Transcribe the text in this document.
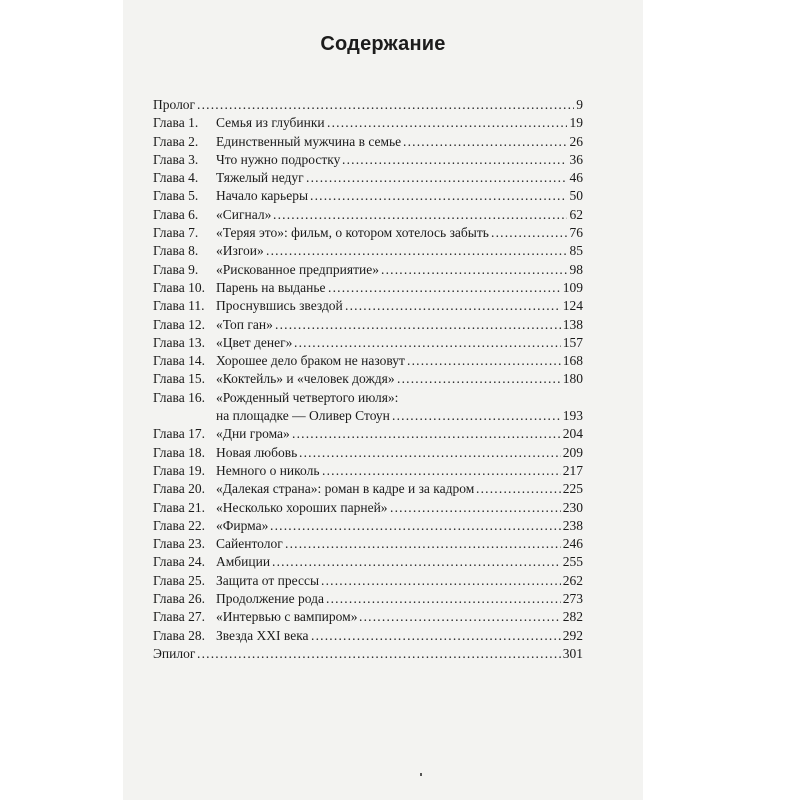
Содержание
Пролог .....	9
Глава 1. Семья из глубинки .....	19
Глава 2. Единственный мужчина в семье .....	26
Глава 3. Что нужно подростку .....	36
Глава 4. Тяжелый недуг .....	46
Глава 5. Начало карьеры .....	50
Глава 6. «Сигнал» .....	62
Глава 7. «Теряя это»: фильм, о котором хотелось забыть .....	76
Глава 8. «Изгои» .....	85
Глава 9. «Рискованное предприятие» .....	98
Глава 10. Парень на выданье .....	109
Глава 11. Проснувшись звездой .....	124
Глава 12. «Топ ган» .....	138
Глава 13. «Цвет денег» .....	157
Глава 14. Хорошее дело браком не назовут .....	168
Глава 15. «Коктейль» и «человек дождя» .....	180
Глава 16. «Рожденный четвертого июля»:
на площадке — Оливер Стоун .....	193
Глава 17. «Дни грома» .....	204
Глава 18. Новая любовь .....	209
Глава 19. Немного о николь .....	217
Глава 20. «Далекая страна»: роман в кадре и за кадром .....	225
Глава 21. «Несколько хороших парней» .....	230
Глава 22. «Фирма» .....	238
Глава 23. Сайентолог .....	246
Глава 24. Амбиции .....	255
Глава 25. Защита от прессы .....	262
Глава 26. Продолжение рода .....	273
Глава 27. «Интервью с вампиром» .....	282
Глава 28. Звезда XXI века .....	292
Эпилог .....	301
